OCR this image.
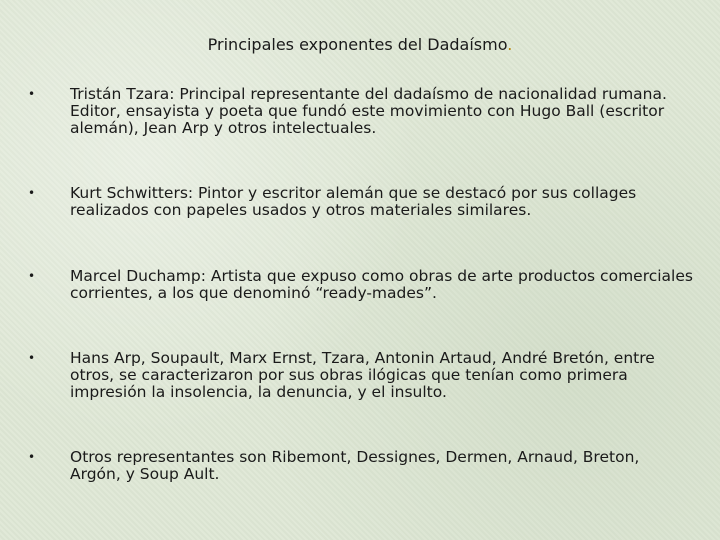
Principales exponentes del Dadaísmo.
•	Tristán Tzara: Principal representante del dadaísmo de nacionalidad rumana. Editor, ensayista y poeta que fundó este movimiento con Hugo Ball (escritor alemán), Jean Arp y otros intelectuales.
•	Kurt Schwitters: Pintor y escritor alemán que se destacó por sus collages realizados con papeles usados y otros materiales similares.
•	Marcel Duchamp: Artista que expuso como obras de arte productos comerciales corrientes, a los que denominó “ready-mades”.
•	Hans Arp, Soupault, Marx Ernst, Tzara, Antonin Artaud, André Bretón, entre otros, se caracterizaron por sus obras ilógicas que tenían como primera impresión la insolencia, la denuncia, y el insulto.
•	Otros representantes son Ribemont, Dessignes, Dermen, Arnaud, Breton, Argón, y Soup Ault.
